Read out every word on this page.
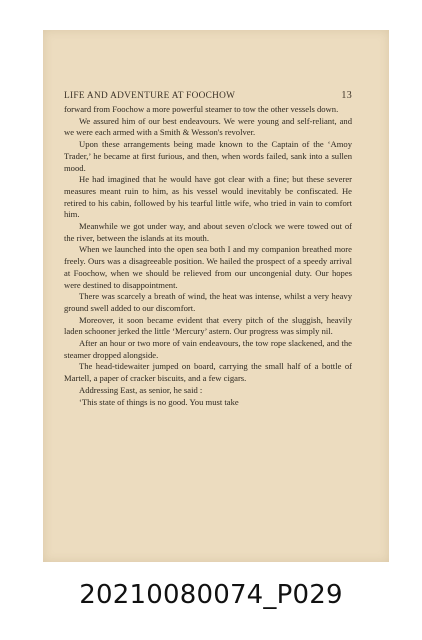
LIFE AND ADVENTURE AT FOOCHOW	13

forward from Foochow a more powerful steamer to tow the other vessels down.

We assured him of our best endeavours. We were young and self-reliant, and we were each armed with a Smith & Wesson's revolver.

Upon these arrangements being made known to the Captain of the ‘Amoy Trader,’ he became at first furious, and then, when words failed, sank into a sullen mood.

He had imagined that he would have got clear with a fine; but these severer measures meant ruin to him, as his vessel would inevitably be confiscated. He retired to his cabin, followed by his tearful little wife, who tried in vain to comfort him.

Meanwhile we got under way, and about seven o'clock we were towed out of the river, between the islands at its mouth.

When we launched into the open sea both I and my companion breathed more freely. Ours was a disagreeable position. We hailed the prospect of a speedy arrival at Foochow, when we should be relieved from our uncongenial duty. Our hopes were destined to disappointment.

There was scarcely a breath of wind, the heat was intense, whilst a very heavy ground swell added to our discomfort.

Moreover, it soon became evident that every pitch of the sluggish, heavily laden schooner jerked the little ‘Mercury’ astern. Our progress was simply nil.

After an hour or two more of vain endeavours, the tow rope slackened, and the steamer dropped alongside.

The head-tidewaiter jumped on board, carrying the small half of a bottle of Martell, a paper of cracker biscuits, and a few cigars.

Addressing East, as senior, he said :

‘This state of things is no good. You must take

20210080074_P029
